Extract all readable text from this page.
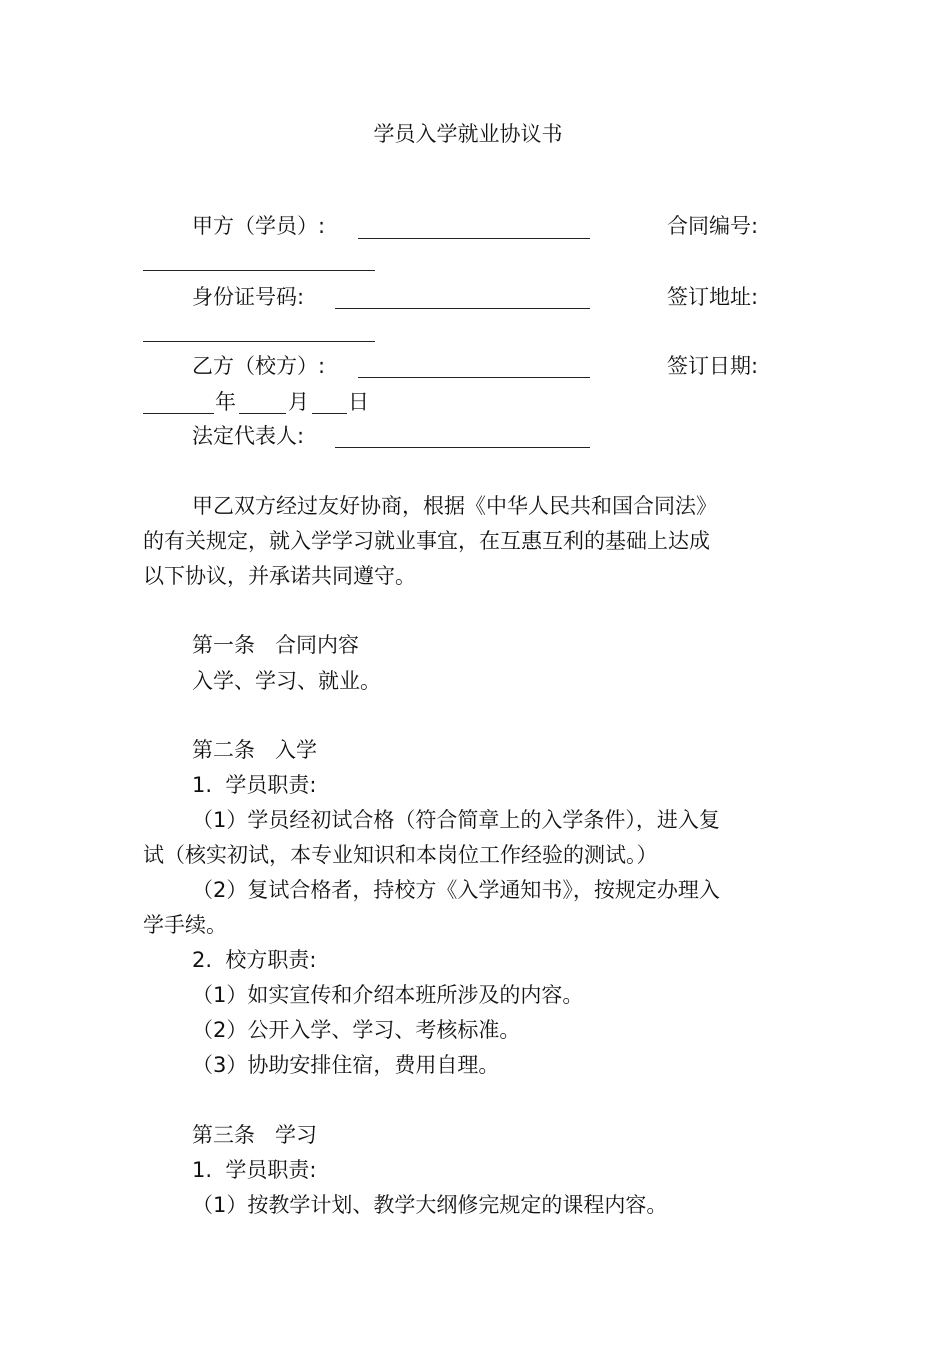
学员入学就业协议书
甲方（学员）:	合同编号:
身份证号码:	签订地址:
乙方（校方）:	签订日期:
年 月 日
法定代表人:
甲乙双方经过友好协商，根据《中华人民共和国合同法》
的有关规定，就入学学习就业事宜，在互惠互利的基础上达成
以下协议，并承诺共同遵守。
第一条   合同内容
入学、学习、就业。
第二条   入学
1.  学员职责:
（1）学员经初试合格（符合简章上的入学条件），进入复
试（核实初试，本专业知识和本岗位工作经验的测试。）
（2）复试合格者，持校方《入学通知书》，按规定办理入
学手续。
2.  校方职责:
（1）如实宣传和介绍本班所涉及的内容。
（2）公开入学、学习、考核标准。
（3）协助安排住宿，费用自理。
第三条   学习
1.  学员职责:
（1）按教学计划、教学大纲修完规定的课程内容。
